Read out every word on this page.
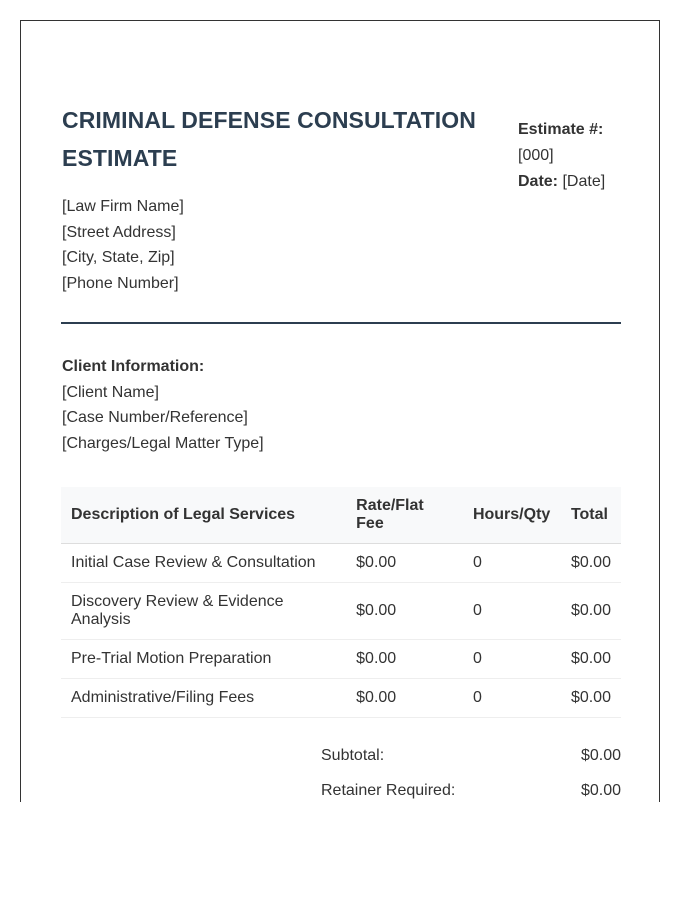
CRIMINAL DEFENSE CONSULTATION ESTIMATE
Estimate #:
[000]
Date: [Date]
[Law Firm Name]
[Street Address]
[City, State, Zip]
[Phone Number]
Client Information:
[Client Name]
[Case Number/Reference]
[Charges/Legal Matter Type]
Description of Legal Services	Rate/Flat Fee	Hours/Qty	Total
Initial Case Review & Consultation	$0.00	0	$0.00
Discovery Review & Evidence Analysis	$0.00	0	$0.00
Pre-Trial Motion Preparation	$0.00	0	$0.00
Administrative/Filing Fees	$0.00	0	$0.00
Subtotal:	$0.00
Retainer Required:	$0.00
